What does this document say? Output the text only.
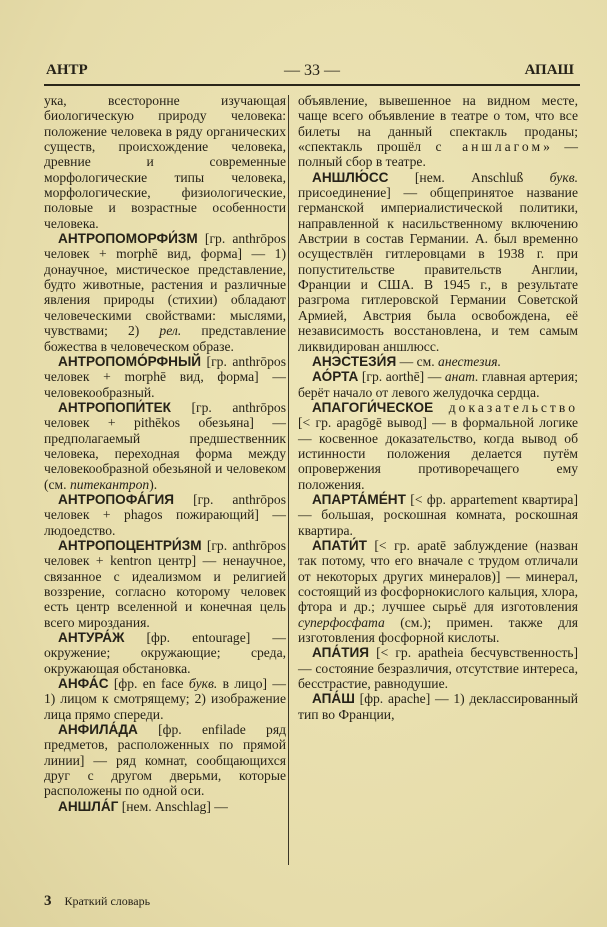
АНТР	— 33 —	АПАШ

ука, всесторонне изучающая биологическую природу человека: положение человека в ряду органических существ, происхождение человека, древние и современные морфологические типы человека, морфологические, физиологические, половые и возрастные особенности человека.

АНТРОПОМОРФИ́ЗМ [гр. anthrōpos человек + morphē вид, форма] — 1) донаучное, мистическое представление, будто животные, растения и различные явления природы (стихии) обладают человеческими свойствами: мыслями, чувствами; 2) рел. представление божества в человеческом образе.

АНТРОПОМО́РФНЫЙ [гр. anthrōpos человек + morphē вид, форма] — человекообразный.

АНТРОПОПИ́ТЕК [гр. anthrōpos человек + pithēkos обезьяна] — предполагаемый предшественник человека, переходная форма между человекообразной обезьяной и человеком (см. питекантроп).

АНТРОПОФА́ГИЯ [гр. anthrōpos человек + phagos пожирающий] — людоедство.

АНТРОПОЦЕНТРИ́ЗМ [гр. anthrōpos человек + kentron центр] — ненаучное, связанное с идеализмом и религией воззрение, согласно которому человек есть центр вселенной и конечная цель всего мироздания.

АНТУРА́Ж [фр. entourage] — окружение; окружающие; среда, окружающая обстановка.

АНФА́С [фр. en face букв. в лицо] — 1) лицом к смотрящему; 2) изображение лица прямо спереди.

АНФИЛА́ДА [фр. enfilade ряд предметов, расположенных по прямой линии] — ряд комнат, сообщающихся друг с другом дверьми, которые расположены по одной оси.

АНШЛА́Г [нем. Anschlag] —

объявление, вывешенное на видном месте, чаще всего объявление в театре о том, что все билеты на данный спектакль проданы; «спектакль прошёл с аншлагом» — полный сбор в театре.

АНШЛЮ́СС [нем. Anschluß букв. присоединение] — общепринятое название германской империалистической политики, направленной к насильственному включению Австрии в состав Германии. А. был временно осуществлён гитлеровцами в 1938 г. при попустительстве правительств Англии, Франции и США. В 1945 г., в результате разгрома гитлеровской Германии Советской Армией, Австрия была освобождена, её независимость восстановлена, и тем самым ликвидирован аншлюсс.

АНЭСТЕЗИ́Я — см. анестезия.

АО́РТА [гр. aorthē] — анат. главная артерия; берёт начало от левого желудочка сердца.

АПАГОГИ́ЧЕСКОЕ доказательство [< гр. apagōgē вывод] — в формальной логике — косвенное доказательство, когда вывод об истинности положения делается путём опровержения противоречащего ему положения.

АПАРТА́МЕ́НТ [< фр. appartement квартира] — большая, роскошная комната, роскошная квартира.

АПАТИ́Т [< гр. apatē заблуждение (назван так потому, что его вначале с трудом отличали от некоторых других минералов)] — минерал, состоящий из фосфорнокислого кальция, хлора, фтора и др.; лучшее сырьё для изготовления суперфосфата (см.); примен. также для изготовления фосфорной кислоты.

АПА́ТИЯ [< гр. apatheia бесчувственность] — состояние безразличия, отсутствие интереса, бесстрастие, равнодушие.

АПА́Ш [фр. apache] — 1) деклассированный тип во Франции,

3 Краткий словарь
